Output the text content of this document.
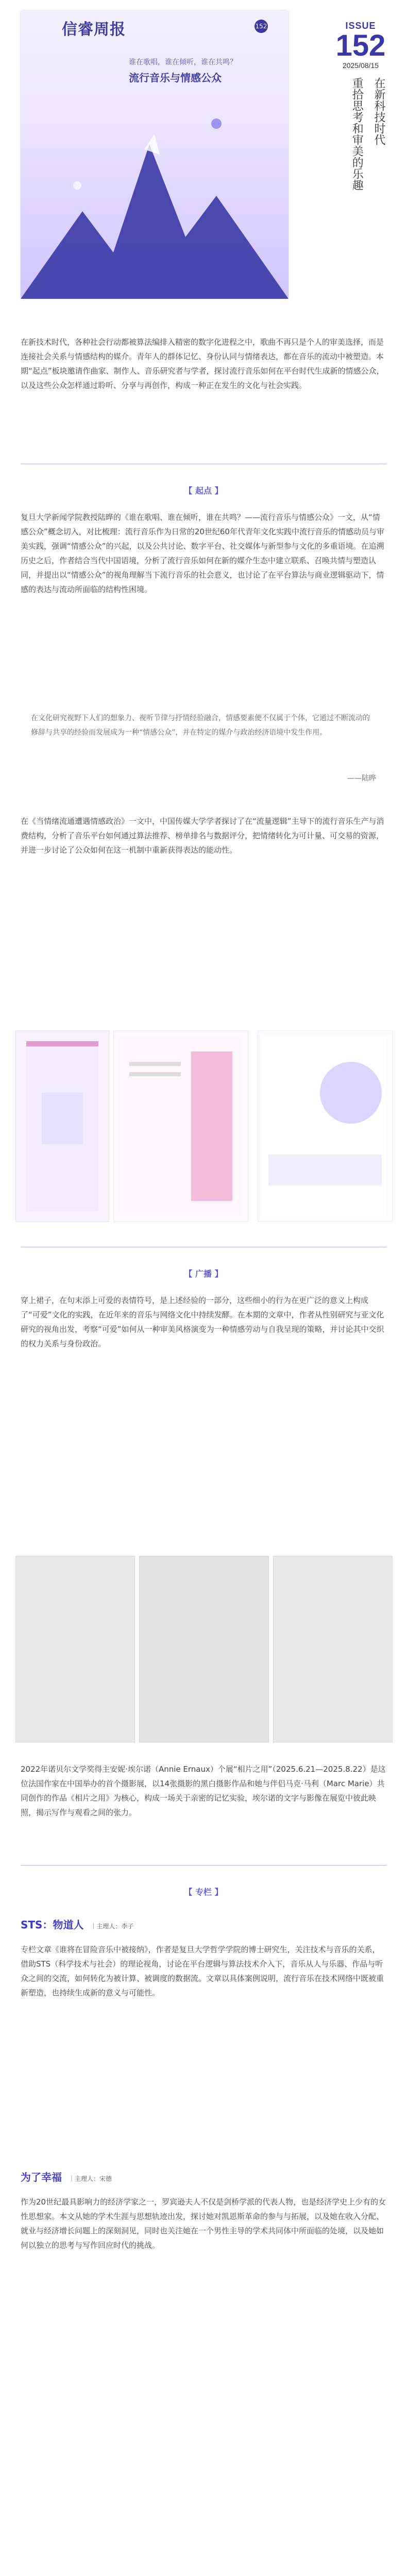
信睿周报	152
谁在歌唱，谁在倾听，谁在共鸣？
流行音乐与情感公众
ISSUE
152
2025/08/15
在新科技时代
重拾思考和审美的乐趣
在新技术时代，各种社会行动都被算法编排入精密的数字化进程之中，歌曲不再只是个人的审美选择，而是连接社会关系与情感结构的媒介。青年人的群体记忆、身份认同与情绪表达，都在音乐的流动中被塑造。本期“起点”板块邀请作曲家、制作人、音乐研究者与学者，探讨流行音乐如何在平台时代生成新的情感公众，以及这些公众怎样通过聆听、分享与再创作，构成一种正在发生的文化与社会实践。
【 起点 】
复旦大学新闻学院教授陆晔的《谁在歌唱、谁在倾听，谁在共鸣？——流行音乐与情感公众》一文，从“情感公众”概念切入，对比梳理：流行音乐作为日常的20世纪60年代青年文化实践中流行音乐的情感动员与审美实践，强调“情感公众”的兴起，以及公共讨论、数字平台、社交媒体与新型参与文化的多重语境。在追溯历史之后，作者结合当代中国语境，分析了流行音乐如何在新的媒介生态中建立联系、召唤共情与塑造认同，并提出以“情感公众”的视角理解当下流行音乐的社会意义，也讨论了在平台算法与商业逻辑驱动下，情感的表达与流动所面临的结构性困境。
在文化研究视野下人们的想象力、视听节律与抒情经验融合，情感要素便不仅属于个体，它通过不断流动的修辞与共享的经验而发展成为一种“情感公众”，并在特定的媒介与政治经济语境中发生作用。
——陆晔
在《当情绪流通遭遇情感政治》一文中，中国传媒大学学者探讨了在“流量逻辑”主导下的流行音乐生产与消费结构，分析了音乐平台如何通过算法推荐、榜单排名与数据评分，把情绪转化为可计量、可交易的资源，并进一步讨论了公众如何在这一机制中重新获得表达的能动性。
【 广播 】
穿上裙子，在句末添上可爱的表情符号，是上述经验的一部分，这些细小的行为在更广泛的意义上构成了“可爱”文化的实践，在近年来的音乐与网络文化中持续发酵。在本期的文章中，作者从性别研究与亚文化研究的视角出发，考察“可爱”如何从一种审美风格演变为一种情感劳动与自我呈现的策略，并讨论其中交织的权力关系与身份政治。
2022年诺贝尔文学奖得主安妮·埃尔诺（Annie Ernaux）个展“相片之用”（2025.6.21—2025.8.22）是这位法国作家在中国举办的首个摄影展，以14张摄影的黑白摄影作品和她与伴侣马克·马利（Marc Marie）共同创作的作品《相片之用》为核心，构成一场关于亲密的记忆实验，埃尔诺的文字与影像在展览中彼此映照，揭示写作与观看之间的张力。
【 专栏 】
STS：物道人 ｜主理人：李子
专栏文章《谁将在冒险音乐中被接纳》，作者是复旦大学哲学学院的博士研究生，关注技术与音乐的关系，借助STS（科学技术与社会）的理论视角，讨论在平台逻辑与算法技术介入下，音乐从人与乐器、作品与听众之间的交流，如何转化为被计算、被调度的数据流。文章以具体案例说明，流行音乐在技术网络中既被重新塑造，也持续生成新的意义与可能性。
为了幸福 ｜主理人：宋德
作为20世纪最具影响力的经济学家之一，罗宾逊夫人不仅是剑桥学派的代表人物，也是经济学史上少有的女性思想家。本文从她的学术生涯与思想轨迹出发，探讨她对凯恩斯革命的参与与拓展，以及她在收入分配、就业与经济增长问题上的深刻洞见，同时也关注她在一个男性主导的学术共同体中所面临的处境，以及她如何以独立的思考与写作回应时代的挑战。
